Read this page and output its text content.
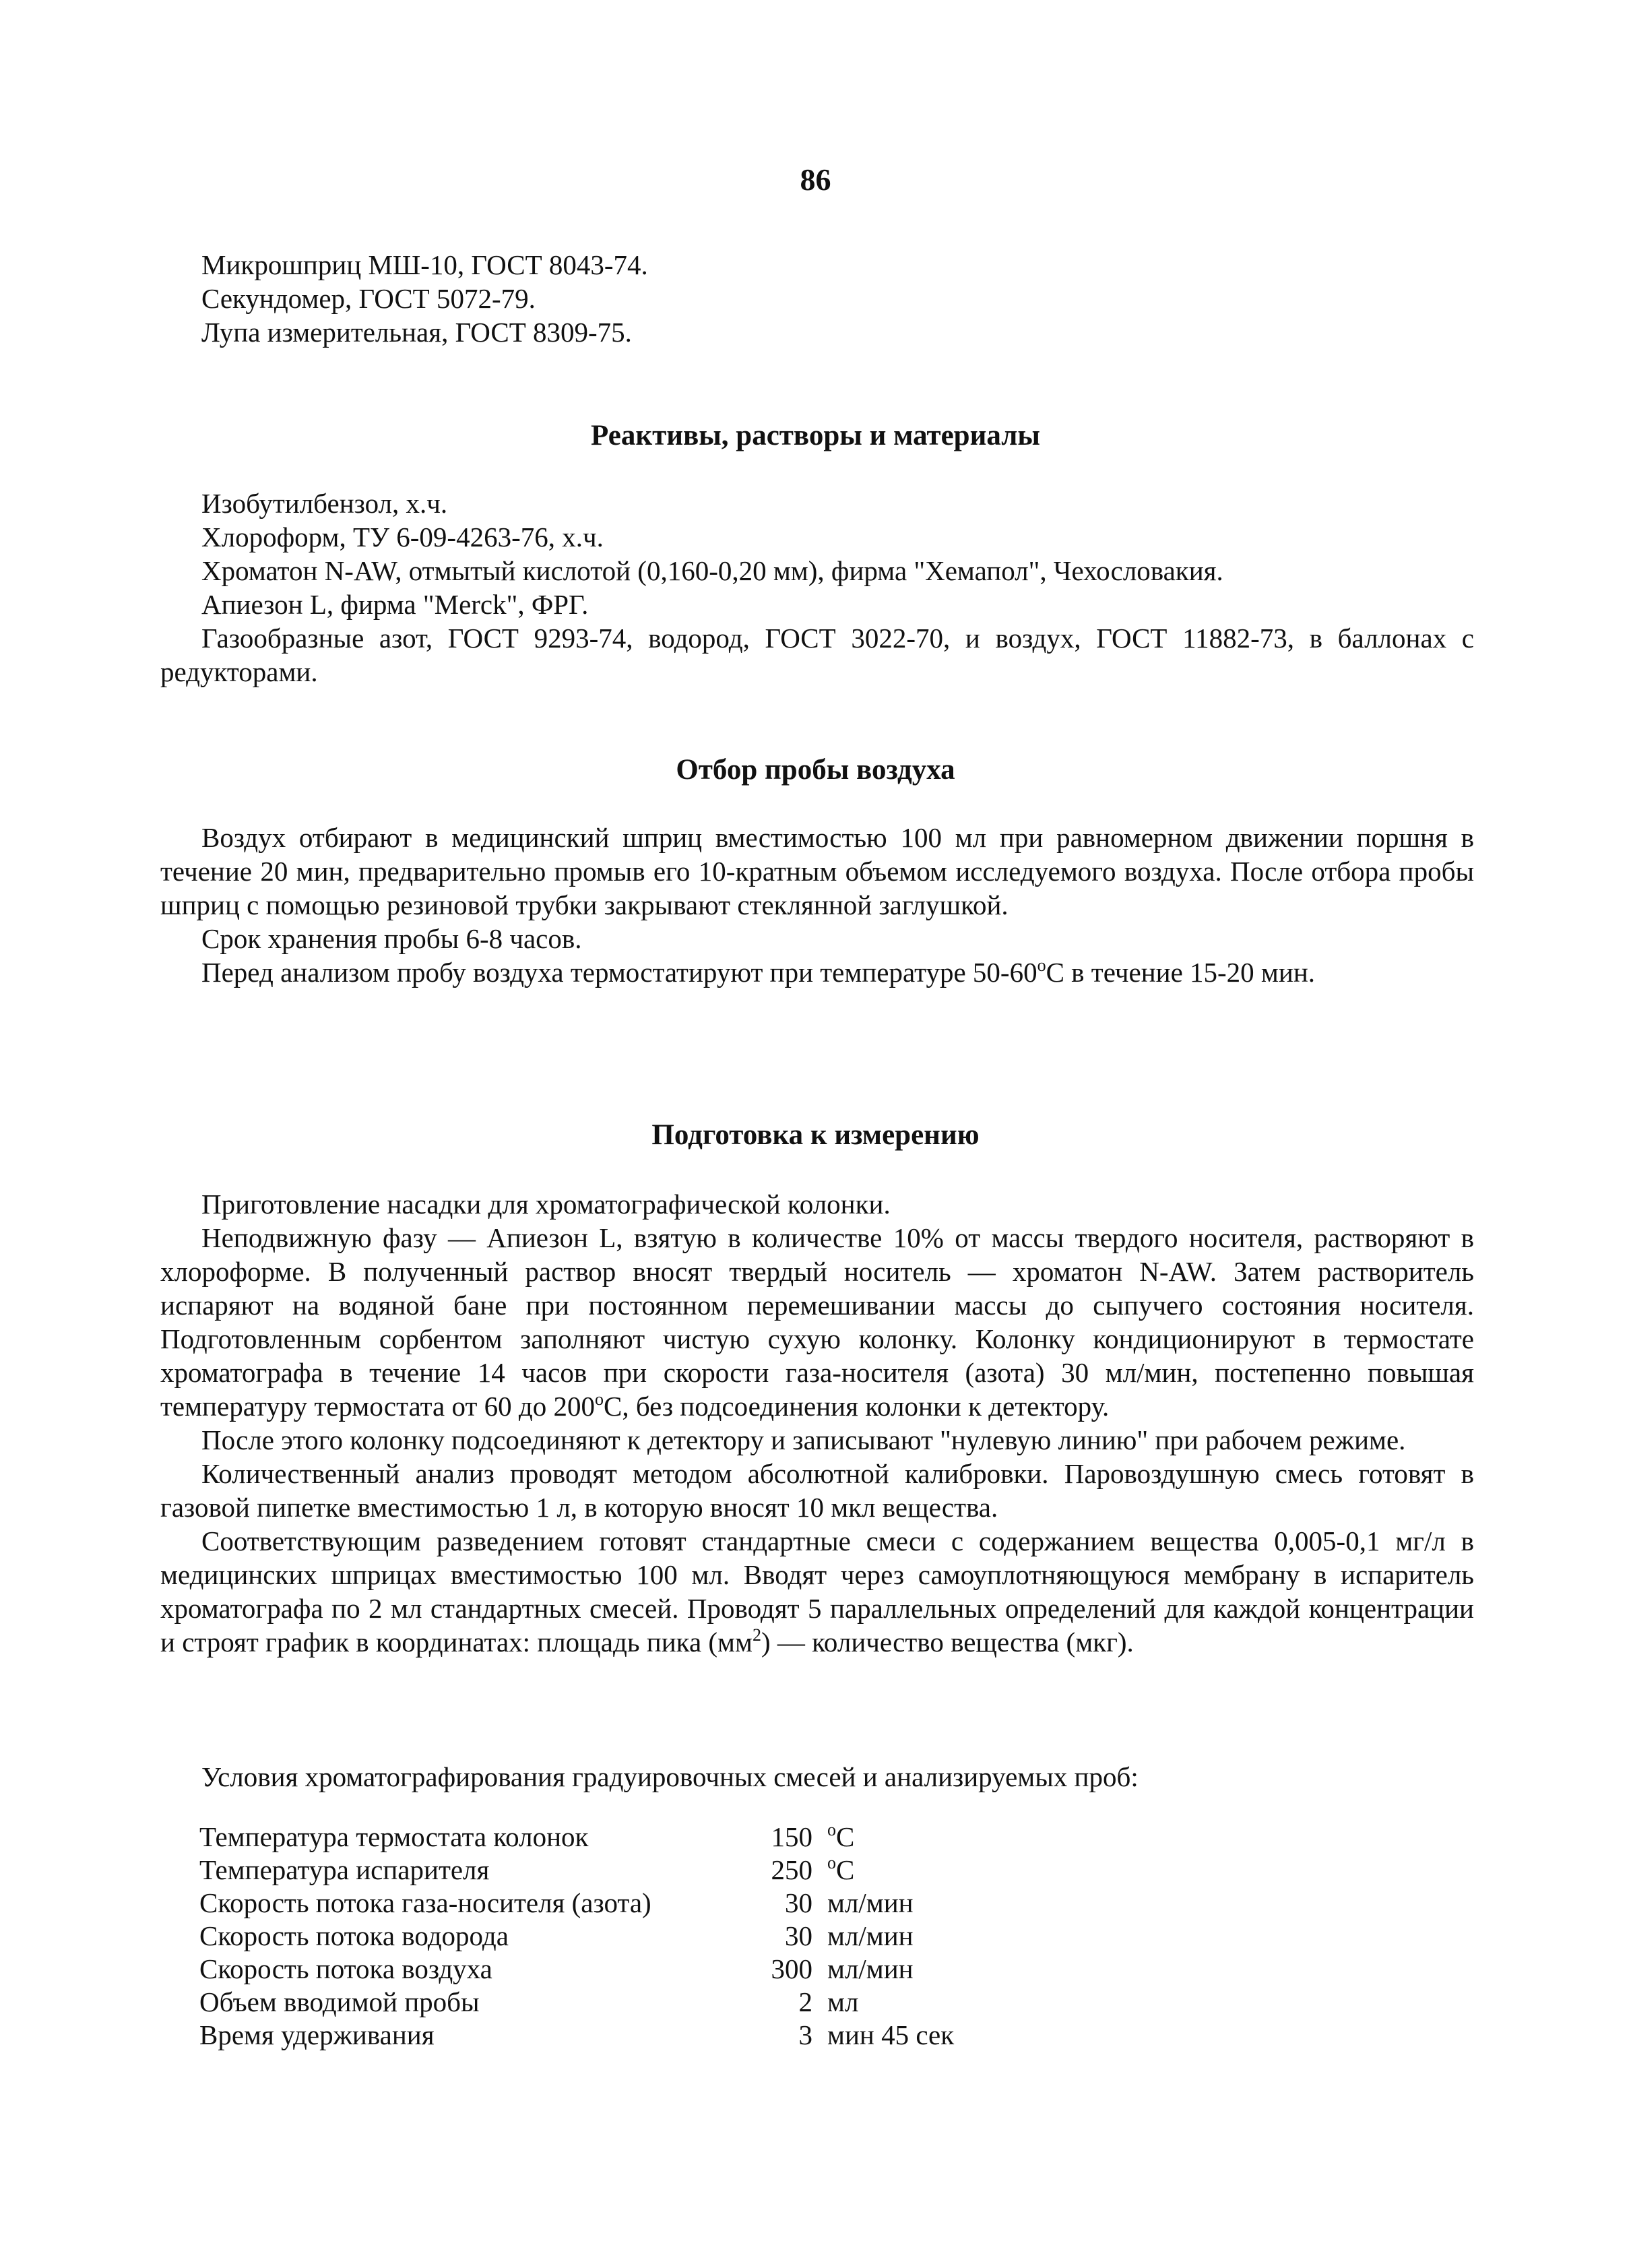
86

Микрошприц МШ-10, ГОСТ 8043-74.

Секундомер, ГОСТ 5072-79.

Лупа измерительная, ГОСТ 8309-75.

Реактивы, растворы и материалы

Изобутилбензол, х.ч.

Хлороформ, ТУ 6-09-4263-76, х.ч.

Хроматон N-AW, отмытый кислотой (0,160-0,20 мм), фирма "Хемапол", Чехословакия.

Апиезон L, фирма "Merck", ФРГ.

Газообразные азот, ГОСТ 9293-74, водород, ГОСТ 3022-70, и воздух, ГОСТ 11882-73, в баллонах с редукторами.

Отбор пробы воздуха

Воздух отбирают в медицинский шприц вместимостью 100 мл при равномерном движении поршня в течение 20 мин, предварительно промыв его 10-кратным объемом исследуемого воздуха. После отбора пробы шприц с помощью резиновой трубки закрывают стеклянной заглушкой.

Срок хранения пробы 6-8 часов.

Перед анализом пробу воздуха термостатируют при температуре $50-60^оС$ в течение 15-20 мин.

Подготовка к измерению

Приготовление насадки для хроматографической колонки.

Неподвижную фазу — Апиезон L, взятую в количестве 10% от массы твердого носителя, растворяют в хлороформе. В полученный раствор вносят твердый носитель — хроматон N-AW. Затем растворитель испаряют на водяной бане при постоянном перемешивании массы до сыпучего состояния носителя. Подготовленным сорбентом заполняют чистую сухую колонку. Колонку кондиционируют в термостате хроматографа в течение 14 часов при скорости газа-носителя (азота) 30 мл/мин, постепенно повышая температуру термостата от 60 до $200^оС$, без подсоединения колонки к детектору.

После этого колонку подсоединяют к детектору и записывают "нулевую линию" при рабочем режиме.

Количественный анализ проводят методом абсолютной калибровки. Паровоздушную смесь готовят в газовой пипетке вместимостью 1 л, в которую вносят 10 мкл вещества.

Соответствующим разведением готовят стандартные смеси с содержанием вещества 0,005-0,1 мг/л в медицинских шприцах вместимостью 100 мл. Вводят через самоуплотняющуюся мембрану в испаритель хроматографа по 2 мл стандартных смесей. Проводят 5 параллельных определений для каждой концентрации и строят график в координатах: площадь пика $(мм^2)$ — количество вещества (мкг).

Условия хроматографирования градуировочных смесей и анализируемых проб:

Температура термостата колонок	150	$^о$С
Температура испарителя	250	$^о$С
Скорость потока газа-носителя (азота)	30	мл/мин
Скорость потока водорода	30	мл/мин
Скорость потока воздуха	300	мл/мин
Объем вводимой пробы	2	мл
Время удерживания	3	мин 45 сек
